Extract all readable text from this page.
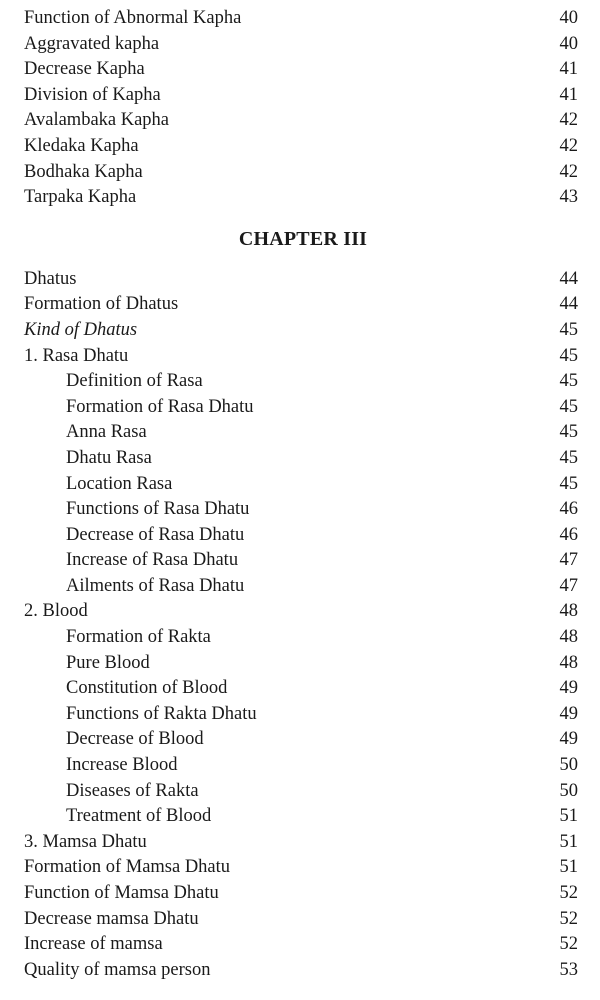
Function of Abnormal Kapha	40
Aggravated kapha	40
Decrease Kapha	41
Division of Kapha	41
Avalambaka Kapha	42
Kledaka Kapha	42
Bodhaka Kapha	42
Tarpaka Kapha	43
CHAPTER III
Dhatus	44
Formation of Dhatus	44
Kind of Dhatus	45
1. Rasa Dhatu	45
Definition of Rasa	45
Formation of Rasa Dhatu	45
Anna Rasa	45
Dhatu Rasa	45
Location Rasa	45
Functions of Rasa Dhatu	46
Decrease of Rasa Dhatu	46
Increase of Rasa Dhatu	47
Ailments of Rasa Dhatu	47
2. Blood	48
Formation of Rakta	48
Pure Blood	48
Constitution of Blood	49
Functions of Rakta Dhatu	49
Decrease of Blood	49
Increase Blood	50
Diseases of Rakta	50
Treatment of Blood	51
3. Mamsa Dhatu	51
Formation of Mamsa Dhatu	51
Function of Mamsa Dhatu	52
Decrease mamsa Dhatu	52
Increase of mamsa	52
Quality of mamsa person	53
